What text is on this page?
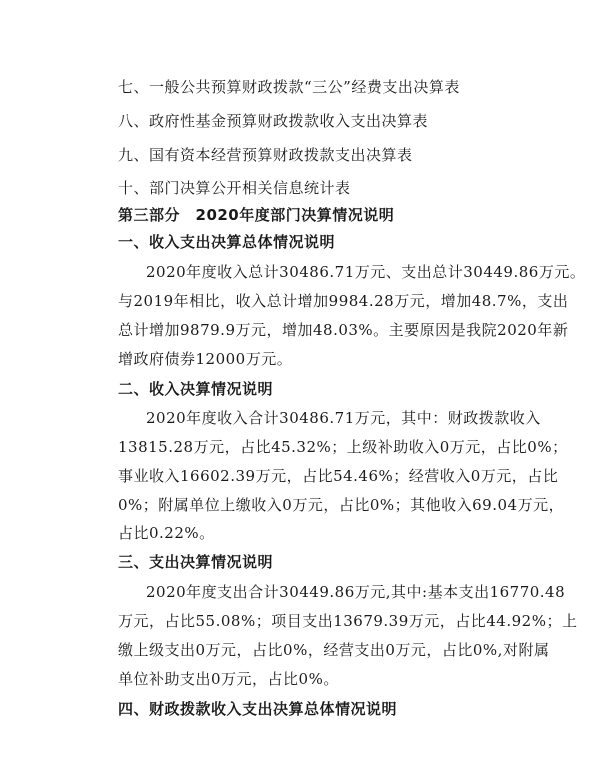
七、一般公共预算财政拨款“三公”经费支出决算表
八、政府性基金预算财政拨款收入支出决算表
九、国有资本经营预算财政拨款支出决算表
十、部门决算公开相关信息统计表
第三部分　2020年度部门决算情况说明
一、收入支出决算总体情况说明
2020年度收入总计30486.71万元、支出总计30449.86万元。
与2019年相比，收入总计增加9984.28万元，增加48.7%，支出
总计增加9879.9万元，增加48.03%。主要原因是我院2020年新
增政府债券12000万元。
二、收入决算情况说明
2020年度收入合计30486.71万元，其中：财政拨款收入
13815.28万元，占比45.32%；上级补助收入0万元，占比0%；
事业收入16602.39万元，占比54.46%；经营收入0万元，占比
0%；附属单位上缴收入0万元，占比0%；其他收入69.04万元，
占比0.22%。
三、支出决算情况说明
2020年度支出合计30449.86万元,其中:基本支出16770.48
万元，占比55.08%；项目支出13679.39万元，占比44.92%；上
缴上级支出0万元，占比0%，经营支出0万元，占比0%,对附属
单位补助支出0万元，占比0%。
四、财政拨款收入支出决算总体情况说明
